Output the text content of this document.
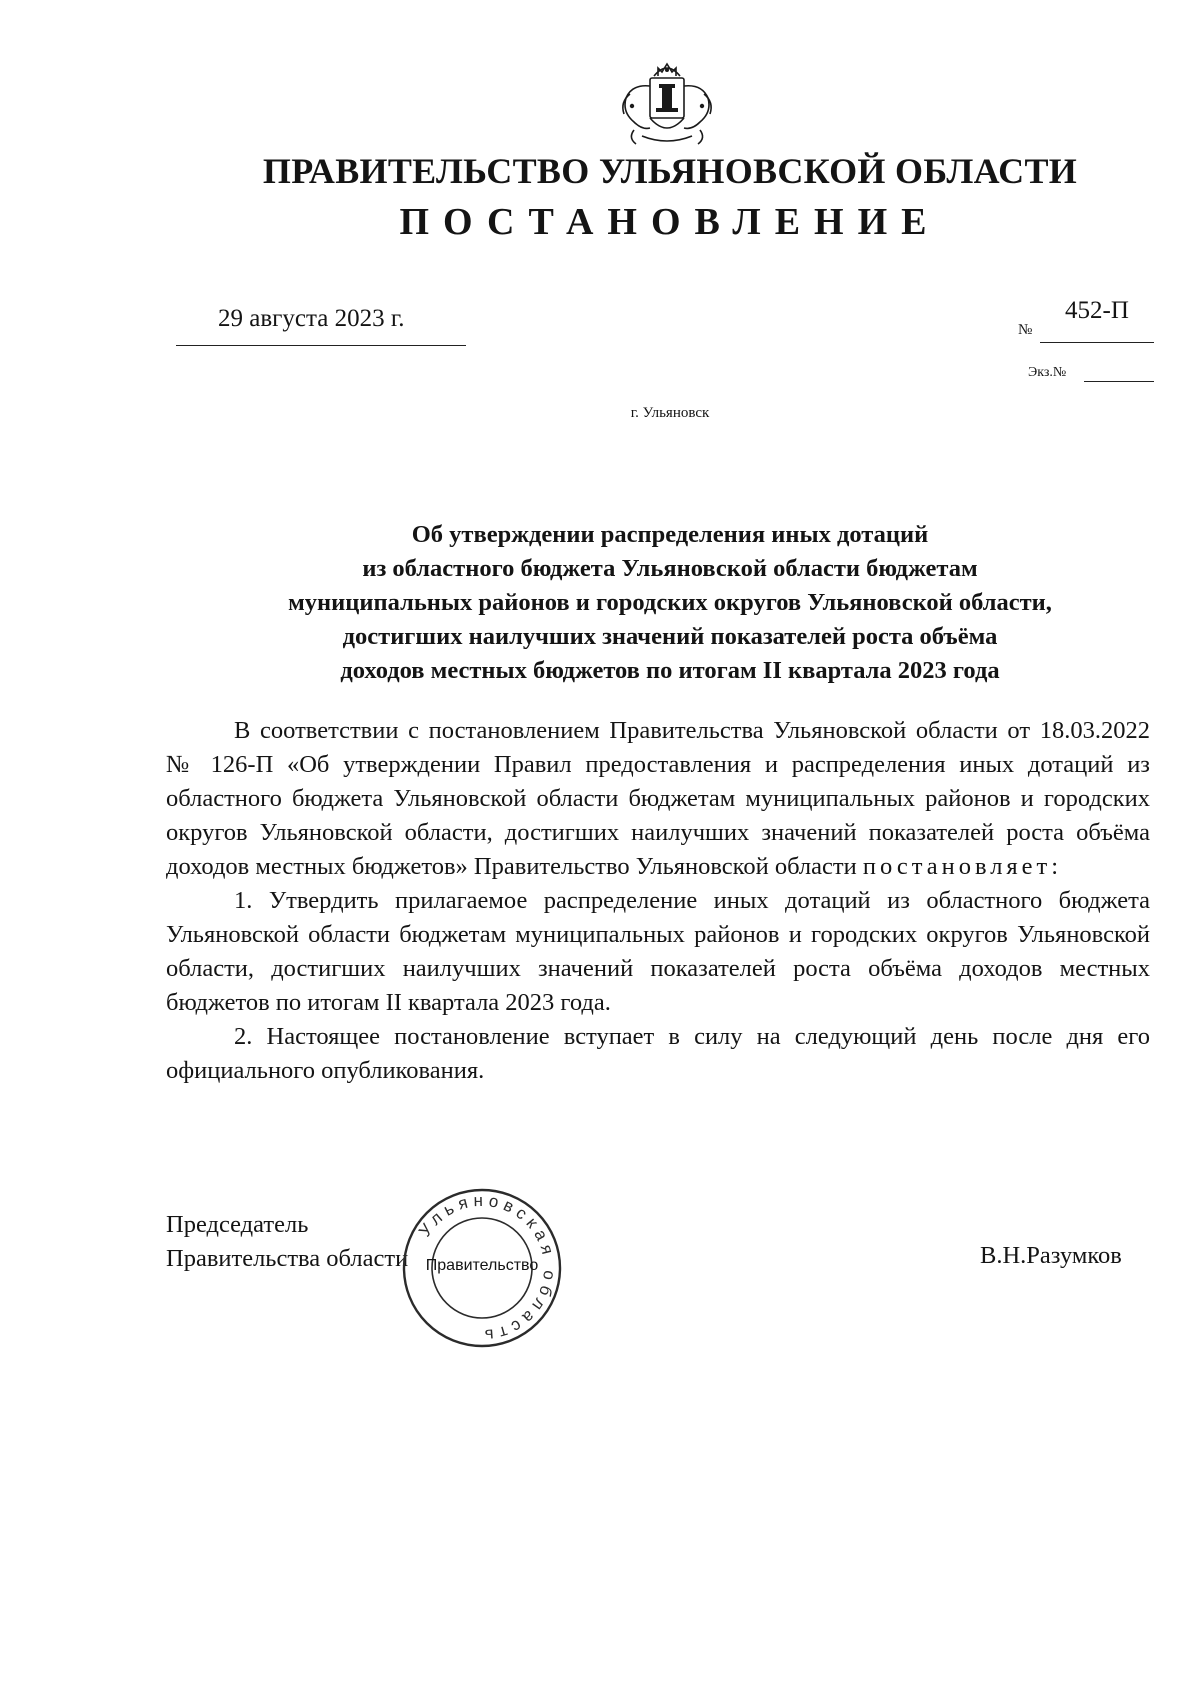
ПРАВИТЕЛЬСТВО УЛЬЯНОВСКОЙ ОБЛАСТИ
ПОСТАНОВЛЕНИЕ
29 августа 2023 г.	№
452-П
Экз.№
г. Ульяновск
Об утверждении распределения иных дотаций
из областного бюджета Ульяновской области бюджетам
муниципальных районов и городских округов Ульяновской области,
достигших наилучших значений показателей роста объёма
доходов местных бюджетов по итогам II квартала 2023 года

В соответствии с постановлением Правительства Ульяновской области от 18.03.2022 № 126-П «Об утверждении Правил предоставления и распределения иных дотаций из областного бюджета Ульяновской области бюджетам муниципальных районов и городских округов Ульяновской области, достигших наилучших значений показателей роста объёма доходов местных бюджетов» Правительство Ульяновской области постановляет:

1. Утвердить прилагаемое распределение иных дотаций из областного бюджета Ульяновской области бюджетам муниципальных районов и городских округов Ульяновской области, достигших наилучших значений показателей роста объёма доходов местных бюджетов по итогам II квартала 2023 года.

2. Настоящее постановление вступает в силу на следующий день после дня его официального опубликования.

Председатель
Правительства области
Ульяновская область
Правительство	В.Н.Разумков
